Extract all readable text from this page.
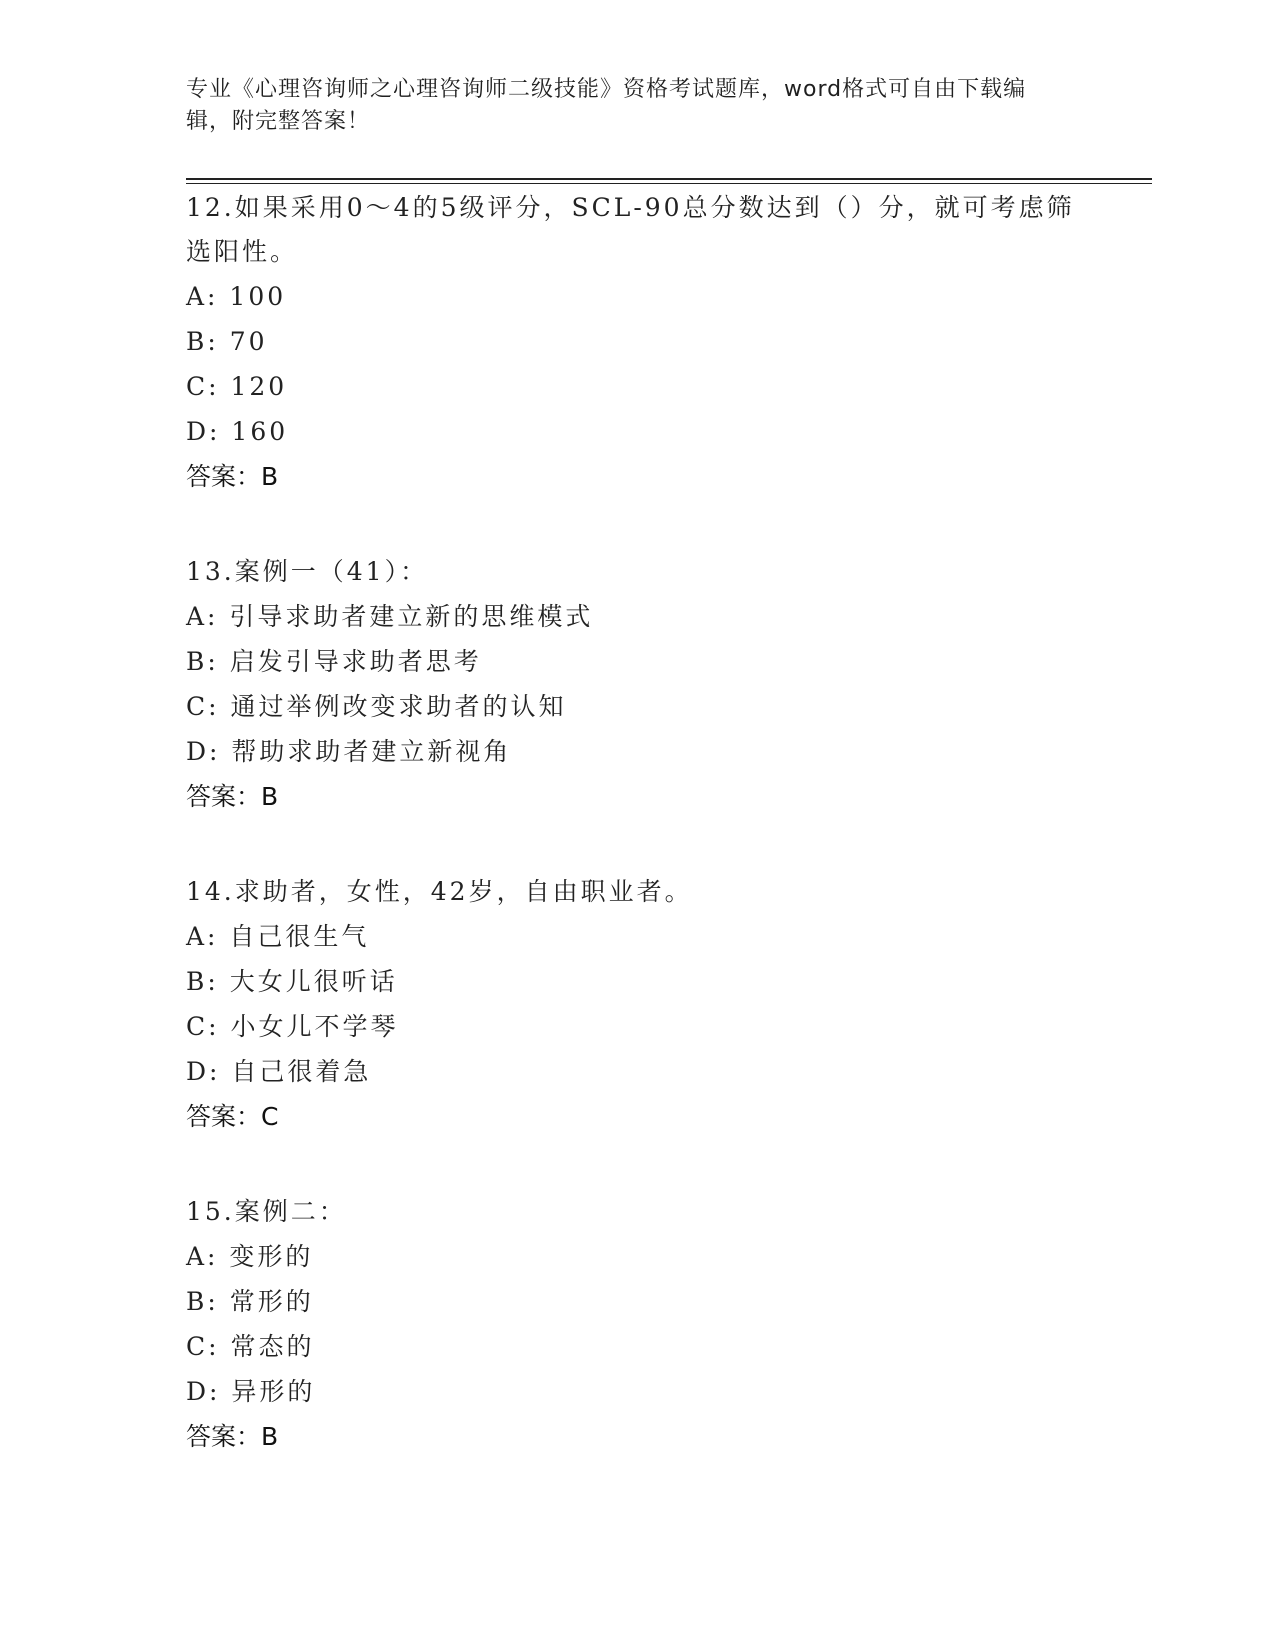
专业《心理咨询师之心理咨询师二级技能》资格考试题库，word格式可自由下载编辑，附完整答案！

12.如果采用0～4的5级评分，SCL-90总分数达到（）分，就可考虑筛选阳性。

A: 100

B: 70

C: 120

D: 160

答案：B

13.案例一（41）：

A: 引导求助者建立新的思维模式

B: 启发引导求助者思考

C: 通过举例改变求助者的认知

D: 帮助求助者建立新视角

答案：B

14.求助者，女性，42岁，自由职业者。

A: 自己很生气

B: 大女儿很听话

C: 小女儿不学琴

D: 自己很着急

答案：C

15.案例二：

A: 变形的

B: 常形的

C: 常态的

D: 异形的

答案：B
